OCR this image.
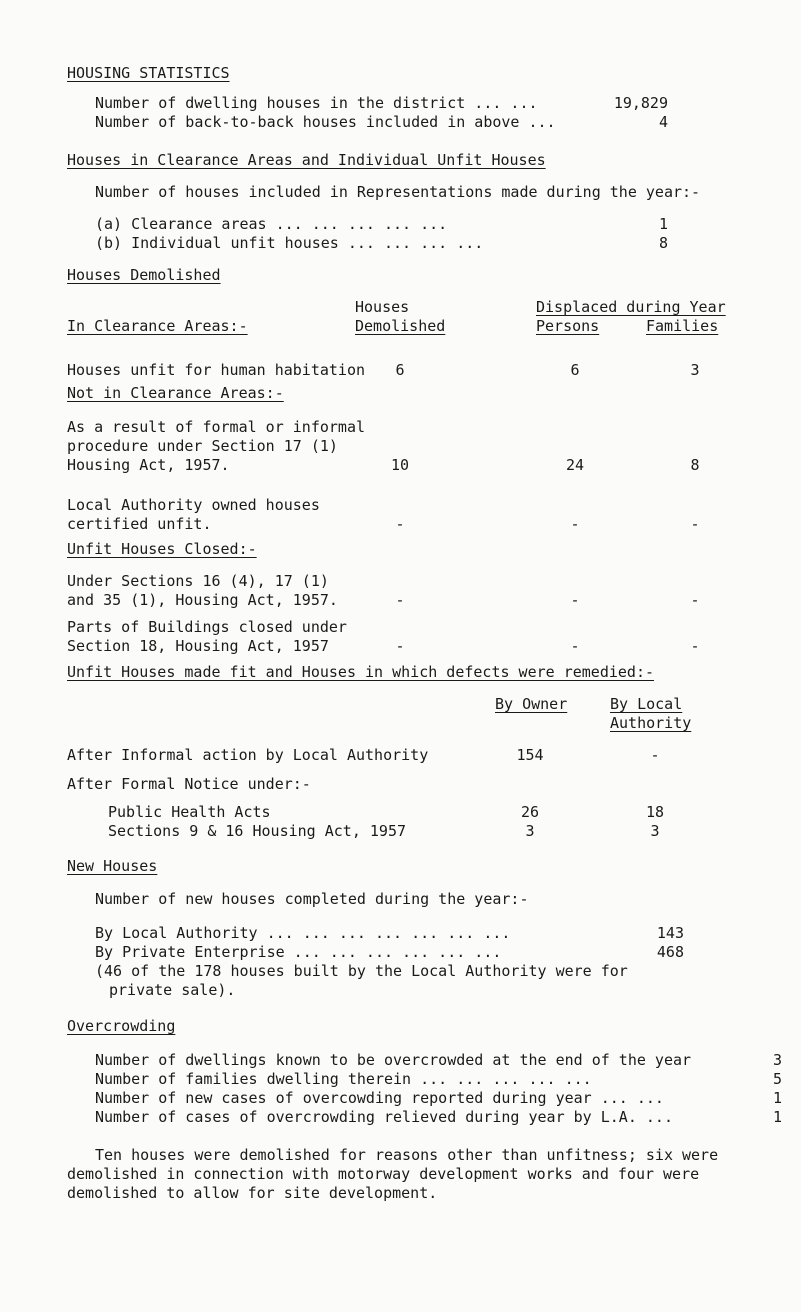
HOUSING STATISTICS
Number of dwelling houses in the district ... ...	19,829
Number of back-to-back houses included in above ...	4
Houses in Clearance Areas and Individual Unfit Houses
Number of houses included in Representations made during the year:-
(a) Clearance areas ... ... ... ... ...	1
(b) Individual unfit houses ... ... ... ...	8
Houses Demolished
Houses
Demolished
Displaced during Year
Persons	Families
In Clearance Areas:-
Houses unfit for human habitation	6	6	3
Not in Clearance Areas:-
As a result of formal or informal
procedure under Section 17 (1)
Housing Act, 1957.	10	24	8
Local Authority owned houses
certified unfit.	-	-	-
Unfit Houses Closed:-
Under Sections 16 (4), 17 (1)
and 35 (1), Housing Act, 1957.	-	-	-
Parts of Buildings closed under
Section 18, Housing Act, 1957	-	-	-
Unfit Houses made fit and Houses in which defects were remedied:-
By Owner	By Local
Authority
After Informal action by Local Authority	154	-
After Formal Notice under:-
Public Health Acts	26	18
Sections 9 & 16 Housing Act, 1957	3	3
New Houses
Number of new houses completed during the year:-
By Local Authority ... ... ... ... ... ... ...	143
By Private Enterprise ... ... ... ... ... ...	468
(46 of the 178 houses built by the Local Authority were for
private sale).
Overcrowding
Number of dwellings known to be overcrowded at the end of the year	3
Number of families dwelling therein ... ... ... ... ...	5
Number of new cases of overcowding reported during year ... ...	1
Number of cases of overcrowding relieved during year by L.A. ...	1
Ten houses were demolished for reasons other than unfitness; six were
demolished in connection with motorway development works and four were
demolished to allow for site development.
